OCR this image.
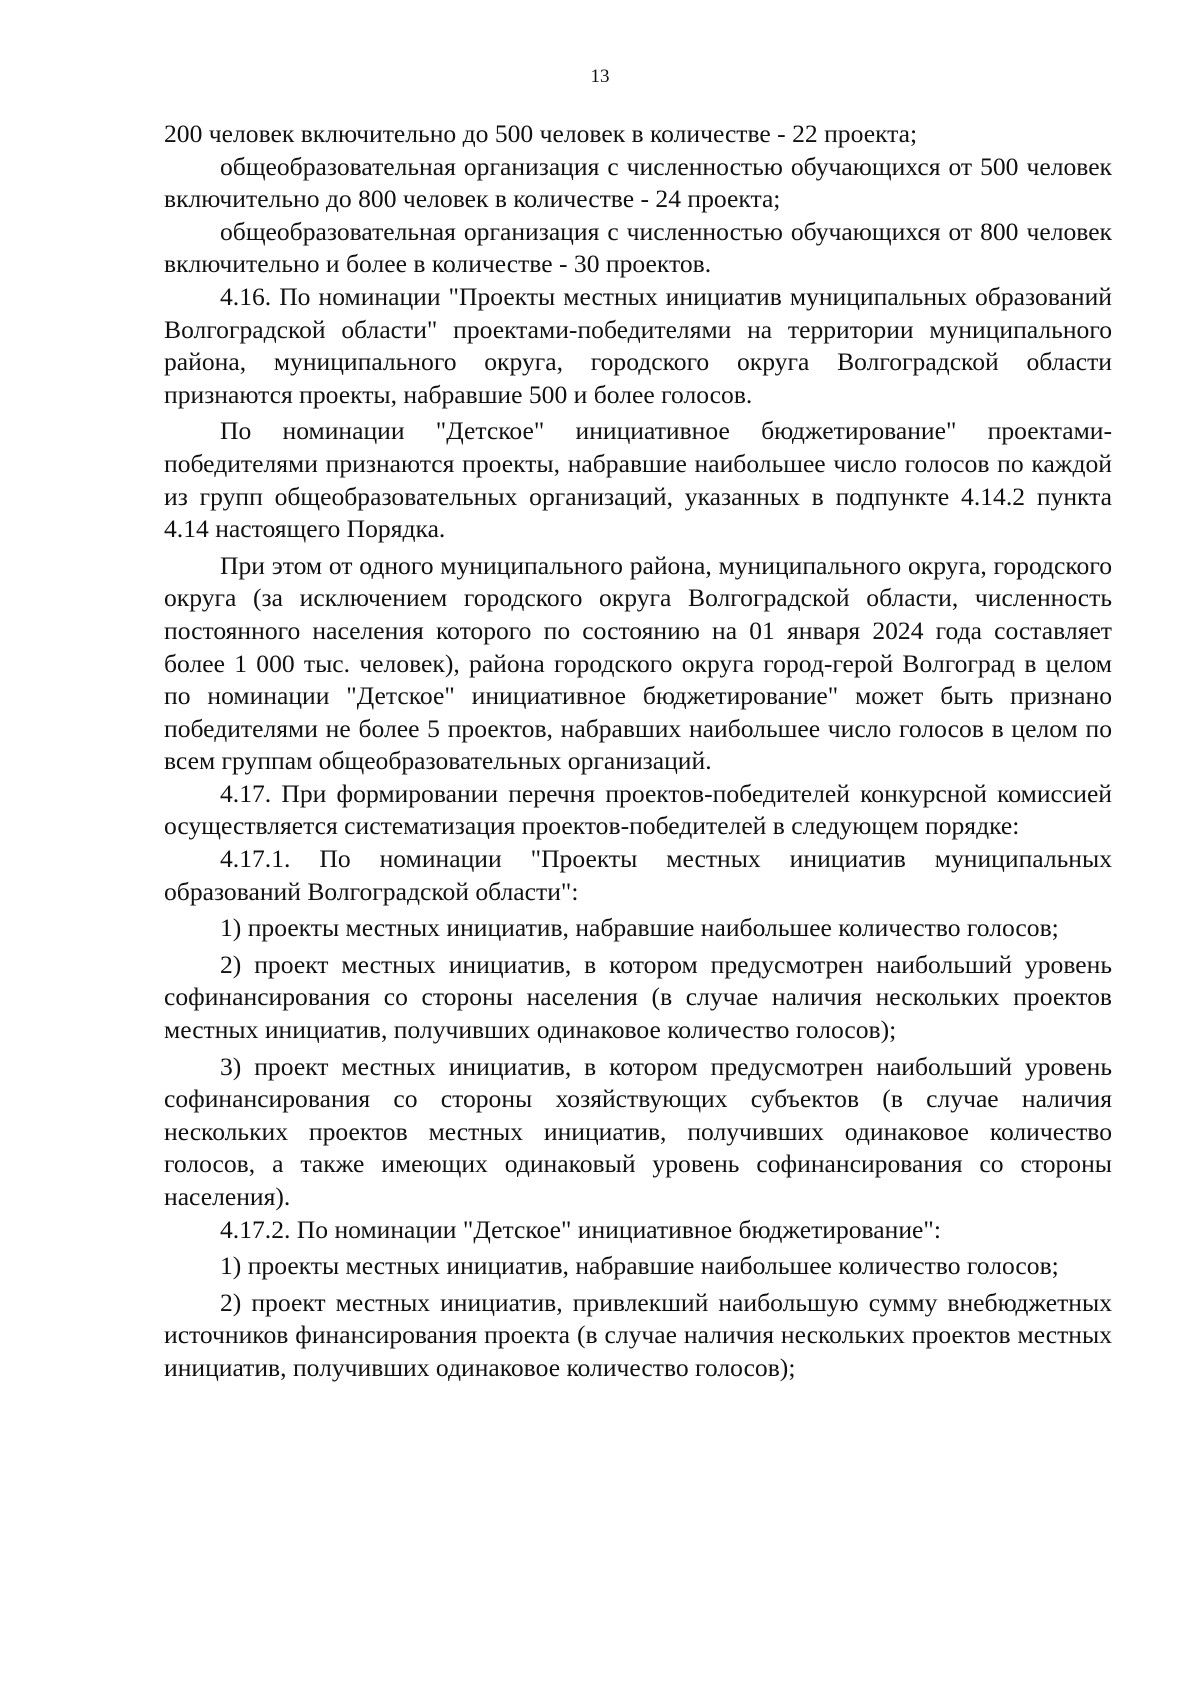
13

200 человек включительно до 500 человек в количестве - 22 проекта;

общеобразовательная организация с численностью обучающихся от 500 человек включительно до 800 человек в количестве - 24 проекта;

общеобразовательная организация с численностью обучающихся от 800 человек включительно и более в количестве - 30 проектов.

4.16. По номинации "Проекты местных инициатив муниципальных образований Волгоградской области" проектами-победителями на территории муниципального района, муниципального округа, городского округа Волгоградской области признаются проекты, набравшие 500 и более голосов.

По номинации "Детское" инициативное бюджетирование" проектами-победителями признаются проекты, набравшие наибольшее число голосов по каждой из групп общеобразовательных организаций, указанных в подпункте 4.14.2 пункта 4.14 настоящего Порядка.

При этом от одного муниципального района, муниципального округа, городского округа (за исключением городского округа Волгоградской области, численность постоянного населения которого по состоянию на 01 января 2024 года составляет более 1 000 тыс. человек), района городского округа город-герой Волгоград в целом по номинации "Детское" инициативное бюджетирование" может быть признано победителями не более 5 проектов, набравших наибольшее число голосов в целом по всем группам общеобразовательных организаций.

4.17. При формировании перечня проектов-победителей конкурсной комиссией осуществляется систематизация проектов-победителей в следующем порядке:

4.17.1. По номинации "Проекты местных инициатив муниципальных образований Волгоградской области":

1) проекты местных инициатив, набравшие наибольшее количество голосов;

2) проект местных инициатив, в котором предусмотрен наибольший уровень софинансирования со стороны населения (в случае наличия нескольких проектов местных инициатив, получивших одинаковое количество голосов);

3) проект местных инициатив, в котором предусмотрен наибольший уровень софинансирования со стороны хозяйствующих субъектов (в случае наличия нескольких проектов местных инициатив, получивших одинаковое количество голосов, а также имеющих одинаковый уровень софинансирования со стороны населения).

4.17.2. По номинации "Детское" инициативное бюджетирование":

1) проекты местных инициатив, набравшие наибольшее количество голосов;

2) проект местных инициатив, привлекший наибольшую сумму внебюджетных источников финансирования проекта (в случае наличия нескольких проектов местных инициатив, получивших одинаковое количество голосов);
